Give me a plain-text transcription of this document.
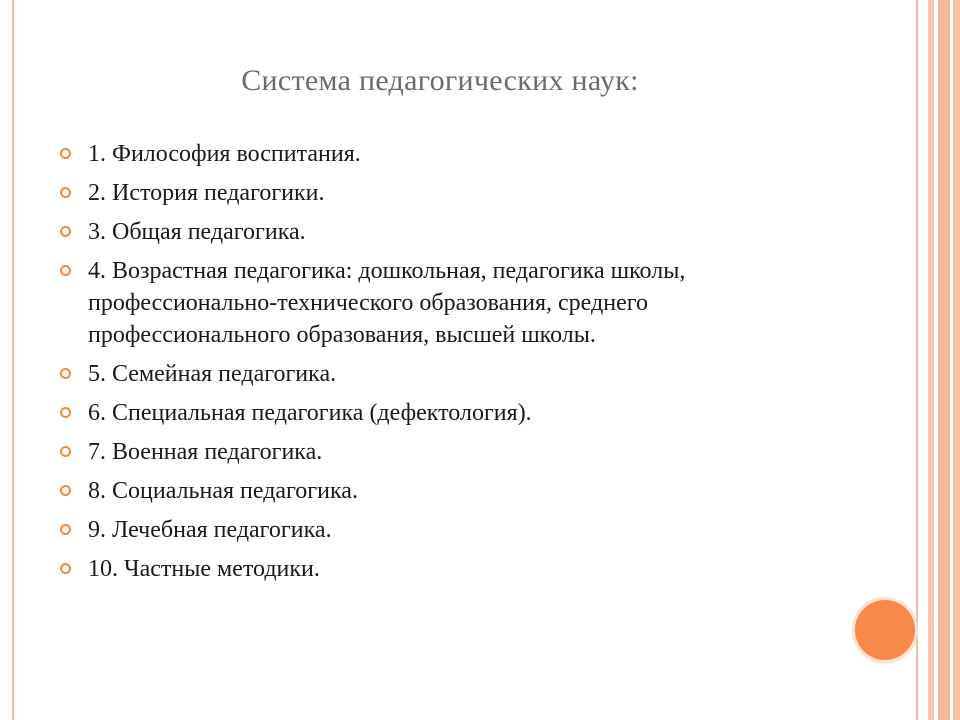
Система педагогических наук:
1. Философия воспитания.
2. История педагогики.
3. Общая педагогика.
4. Возрастная педагогика: дошкольная, педагогика школы, профессионально-технического образования, среднего профессионального образования, высшей школы.
5. Семейная педагогика.
6. Специальная педагогика (дефектология).
7. Военная педагогика.
8. Социальная педагогика.
9. Лечебная педагогика.
10. Частные методики.
